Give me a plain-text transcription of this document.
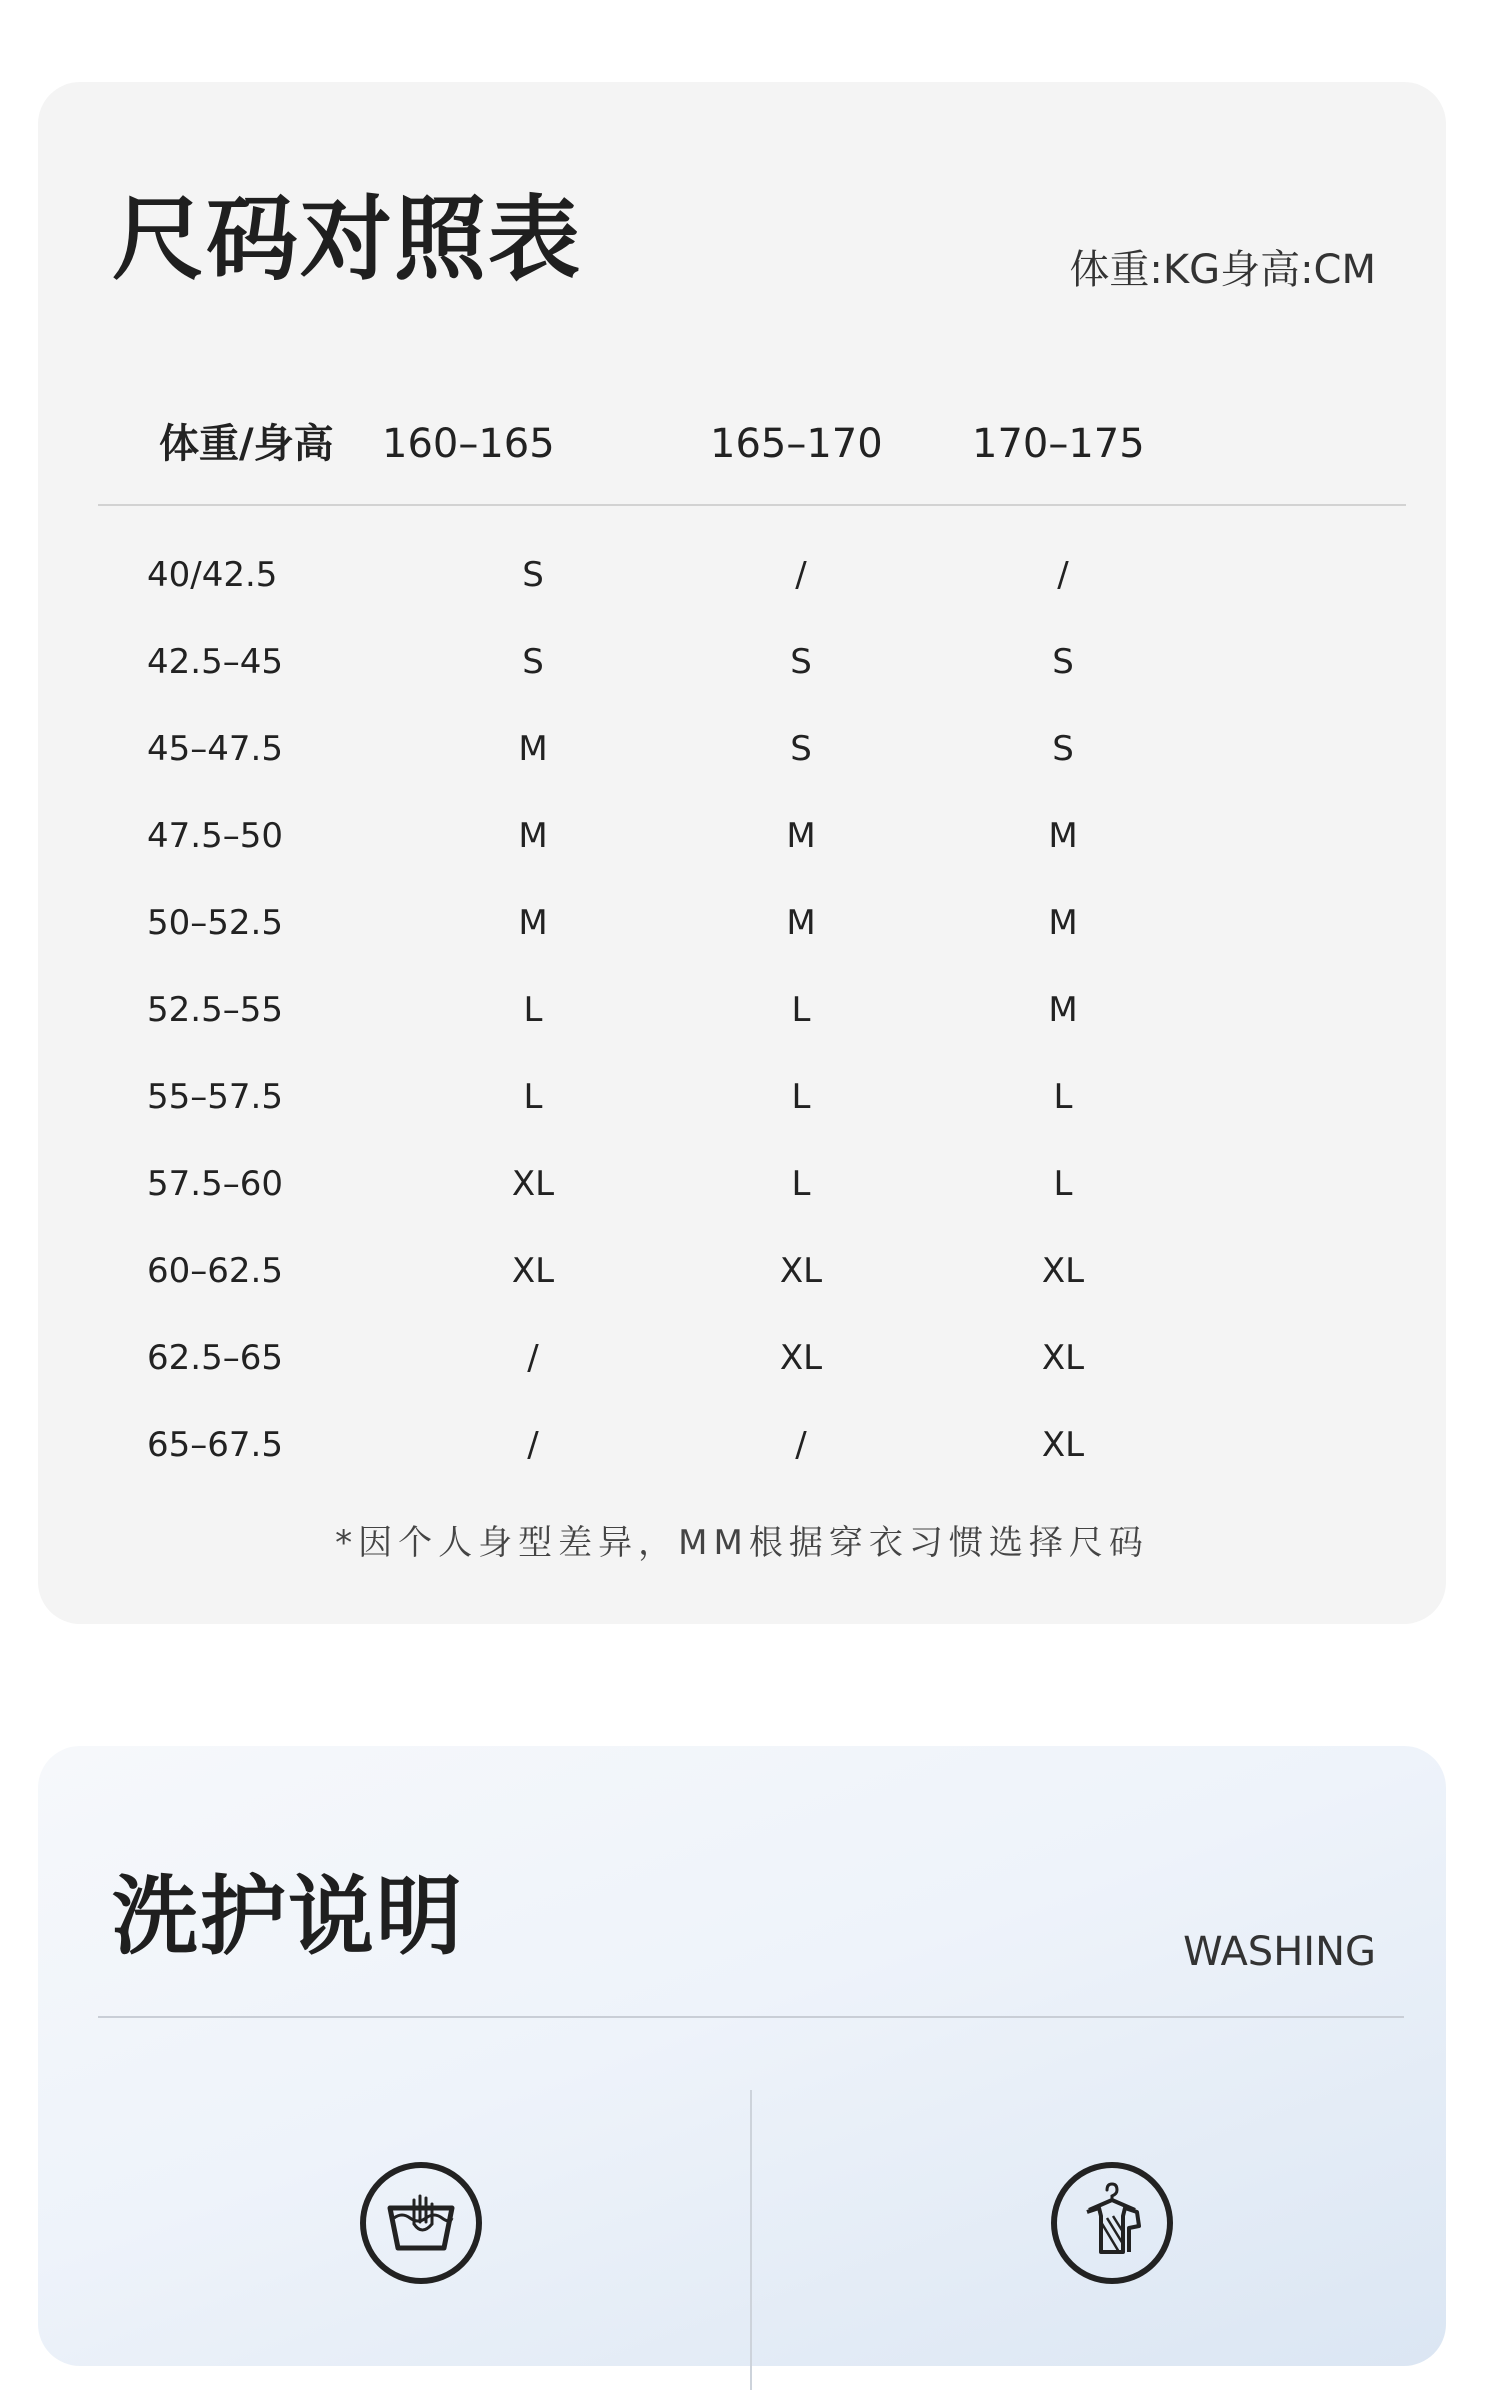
尺码对照表	体重:KG身高:CM
体重/身高 160–165	165–170 170–175
40/42.5	S	/	/
42.5–45	S	S	S
45–47.5	M	S	S
47.5–50	M	M	M
50–52.5	M	M	M
52.5–55	L	L	M
55–57.5	L	L	L
57.5–60	XL	L	L
60–62.5	XL	XL	XL
62.5–65	/	XL	XL
65–67.5	/	/	XL
*因个人身型差异，MM根据穿衣习惯选择尺码
洗护说明	WASHING
